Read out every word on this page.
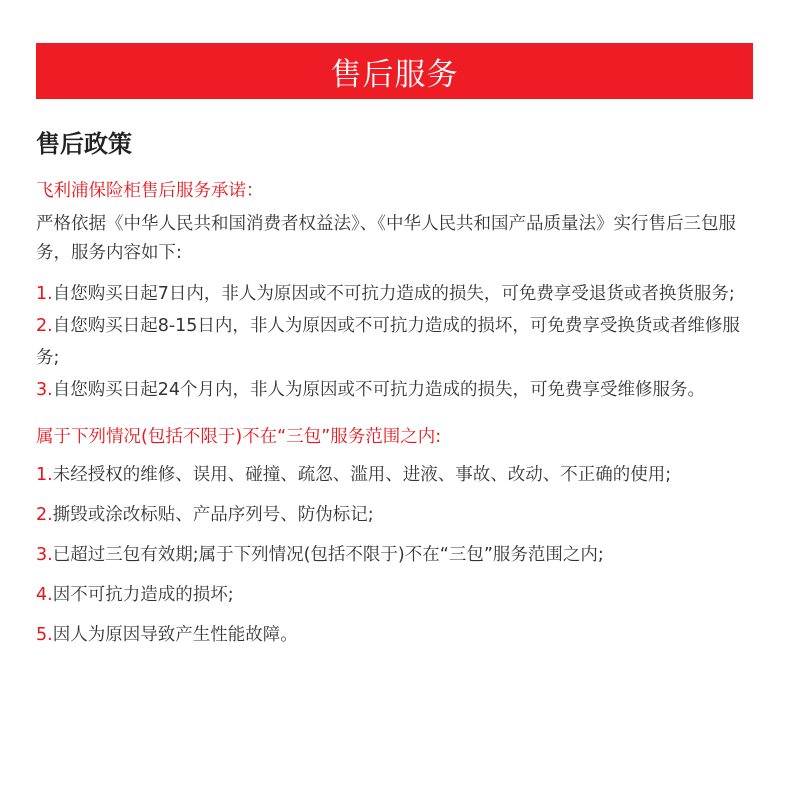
售后服务
售后政策

飞利浦保险柜售后服务承诺：

严格依据《中华人民共和国消费者权益法》、《中华人民共和国产品质量法》实行售后三包服务，服务内容如下:

1.自您购买日起7日内，非人为原因或不可抗力造成的损失，可免费享受退货或者换货服务;
2.自您购买日起8-15日内，非人为原因或不可抗力造成的损坏，可免费享受换货或者维修服务;
3.自您购买日起24个月内，非人为原因或不可抗力造成的损失，可免费享受维修服务。

属于下列情况(包括不限于)不在“三包”服务范围之内:

1.未经授权的维修、误用、碰撞、疏忽、滥用、进液、事故、改动、不正确的使用;
2.撕毁或涂改标贴、产品序列号、防伪标记;
3.已超过三包有效期;属于下列情况(包括不限于)不在“三包”服务范围之内;
4.因不可抗力造成的损坏;
5.因人为原因导致产生性能故障。
